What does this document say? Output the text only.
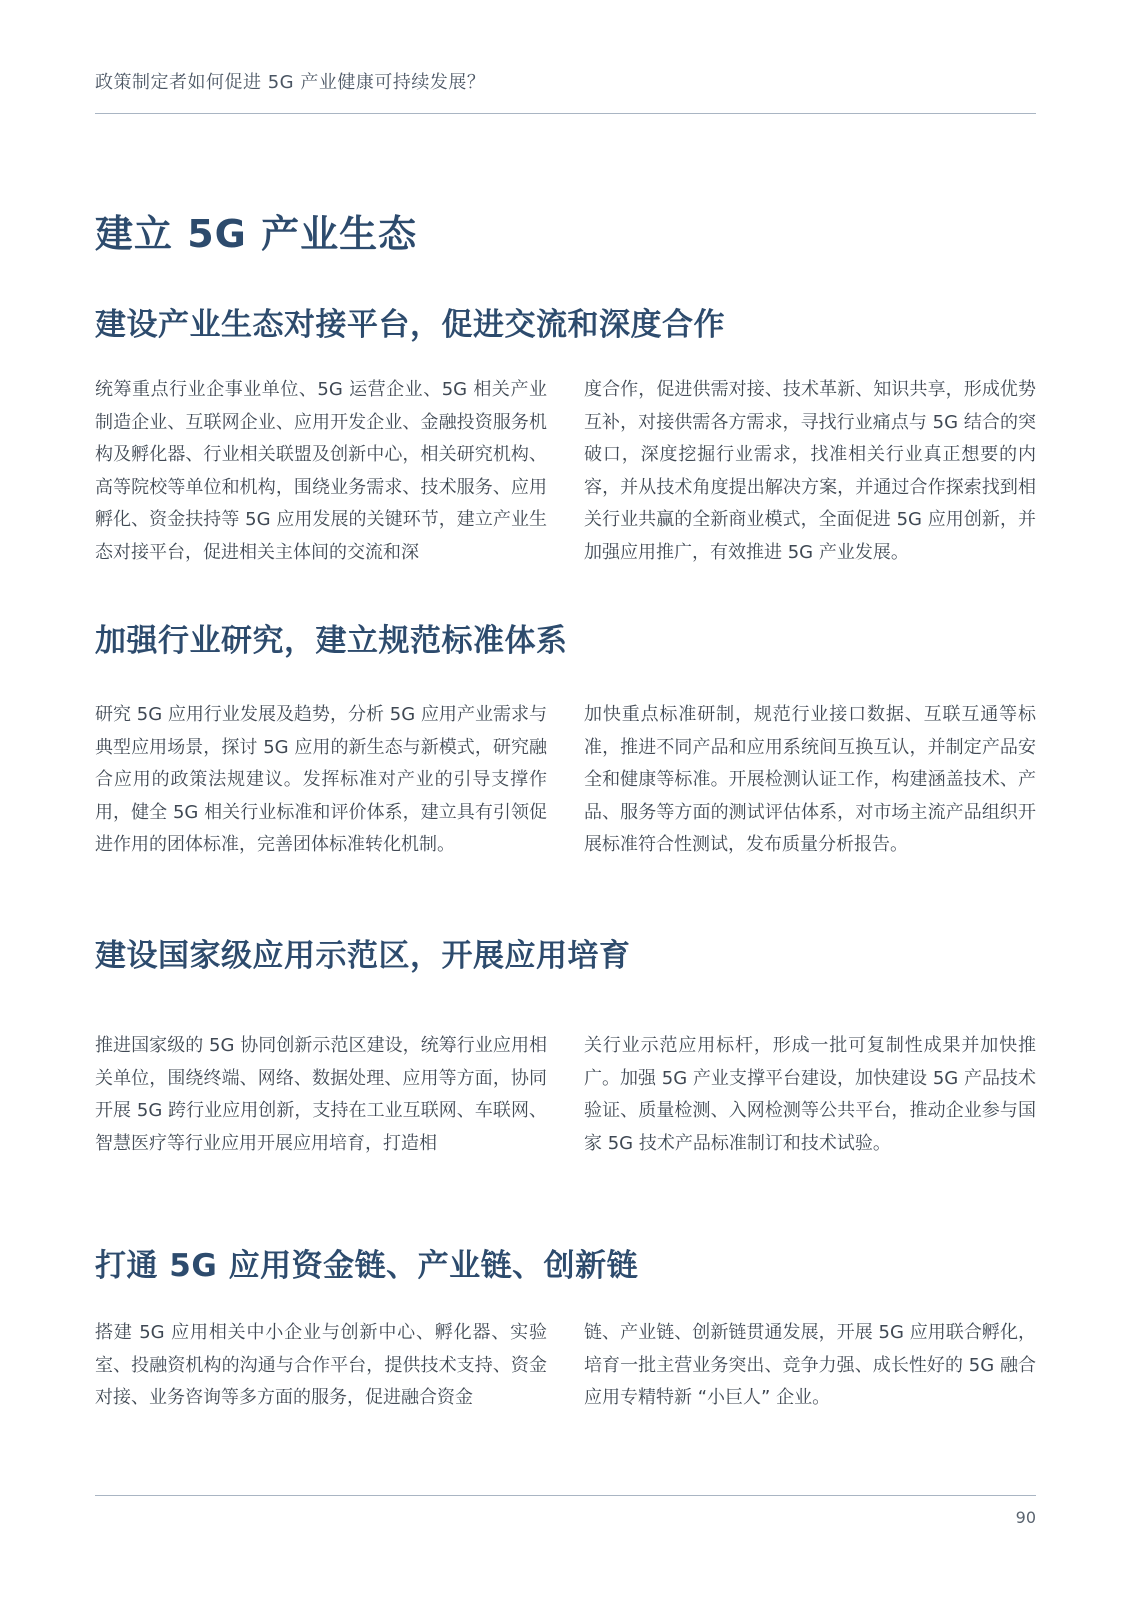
政策制定者如何促进 5G 产业健康可持续发展？
建立 5G 产业生态
建设产业生态对接平台，促进交流和深度合作

统筹重点行业企事业单位、5G 运营企业、5G 相关产业制造企业、互联网企业、应用开发企业、金融投资服务机构及孵化器、行业相关联盟及创新中心，相关研究机构、高等院校等单位和机构，围绕业务需求、技术服务、应用孵化、资金扶持等 5G 应用发展的关键环节，建立产业生态对接平台，促进相关主体间的交流和深

度合作，促进供需对接、技术革新、知识共享，形成优势互补，对接供需各方需求，寻找行业痛点与 5G 结合的突破口，深度挖掘行业需求，找准相关行业真正想要的内容，并从技术角度提出解决方案，并通过合作探索找到相关行业共赢的全新商业模式，全面促进 5G 应用创新，并加强应用推广，有效推进 5G 产业发展。

加强行业研究，建立规范标准体系

研究 5G 应用行业发展及趋势，分析 5G 应用产业需求与典型应用场景，探讨 5G 应用的新生态与新模式，研究融合应用的政策法规建议。发挥标准对产业的引导支撑作用，健全 5G 相关行业标准和评价体系，建立具有引领促进作用的团体标准，完善团体标准转化机制。

加快重点标准研制，规范行业接口数据、互联互通等标准，推进不同产品和应用系统间互换互认，并制定产品安全和健康等标准。开展检测认证工作，构建涵盖技术、产品、服务等方面的测试评估体系，对市场主流产品组织开展标准符合性测试，发布质量分析报告。

建设国家级应用示范区，开展应用培育

推进国家级的 5G 协同创新示范区建设，统筹行业应用相关单位，围绕终端、网络、数据处理、应用等方面，协同开展 5G 跨行业应用创新，支持在工业互联网、车联网、智慧医疗等行业应用开展应用培育，打造相

关行业示范应用标杆，形成一批可复制性成果并加快推广。加强 5G 产业支撑平台建设，加快建设 5G 产品技术验证、质量检测、入网检测等公共平台，推动企业参与国家 5G 技术产品标准制订和技术试验。

打通 5G 应用资金链、产业链、创新链

搭建 5G 应用相关中小企业与创新中心、孵化器、实验室、投融资机构的沟通与合作平台，提供技术支持、资金对接、业务咨询等多方面的服务，促进融合资金

链、产业链、创新链贯通发展，开展 5G 应用联合孵化，培育一批主营业务突出、竞争力强、成长性好的 5G 融合应用专精特新 “小巨人” 企业。

90
